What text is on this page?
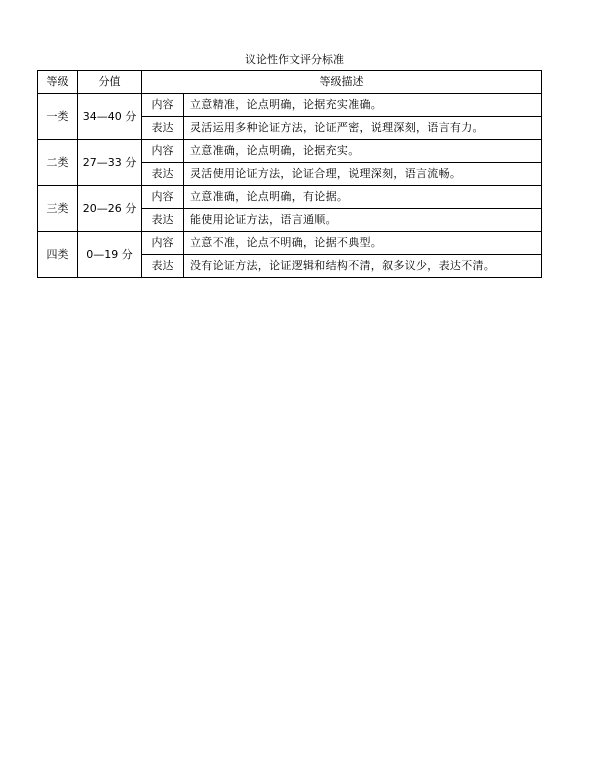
议论性作文评分标准
等级	分值	等级描述	
一类	34—40 分	内容	立意精准，论点明确，论据充实准确。
		表达	灵活运用多种论证方法，论证严密，说理深刻，语言有力。
二类	27—33 分	内容	立意准确，论点明确，论据充实。
		表达	灵活使用论证方法，论证合理，说理深刻，语言流畅。
三类	20—26 分	内容	立意准确，论点明确，有论据。
		表达	能使用论证方法，语言通顺。
四类	0—19 分	内容	立意不准，论点不明确，论据不典型。
		表达	没有论证方法，论证逻辑和结构不清，叙多议少，表达不清。
